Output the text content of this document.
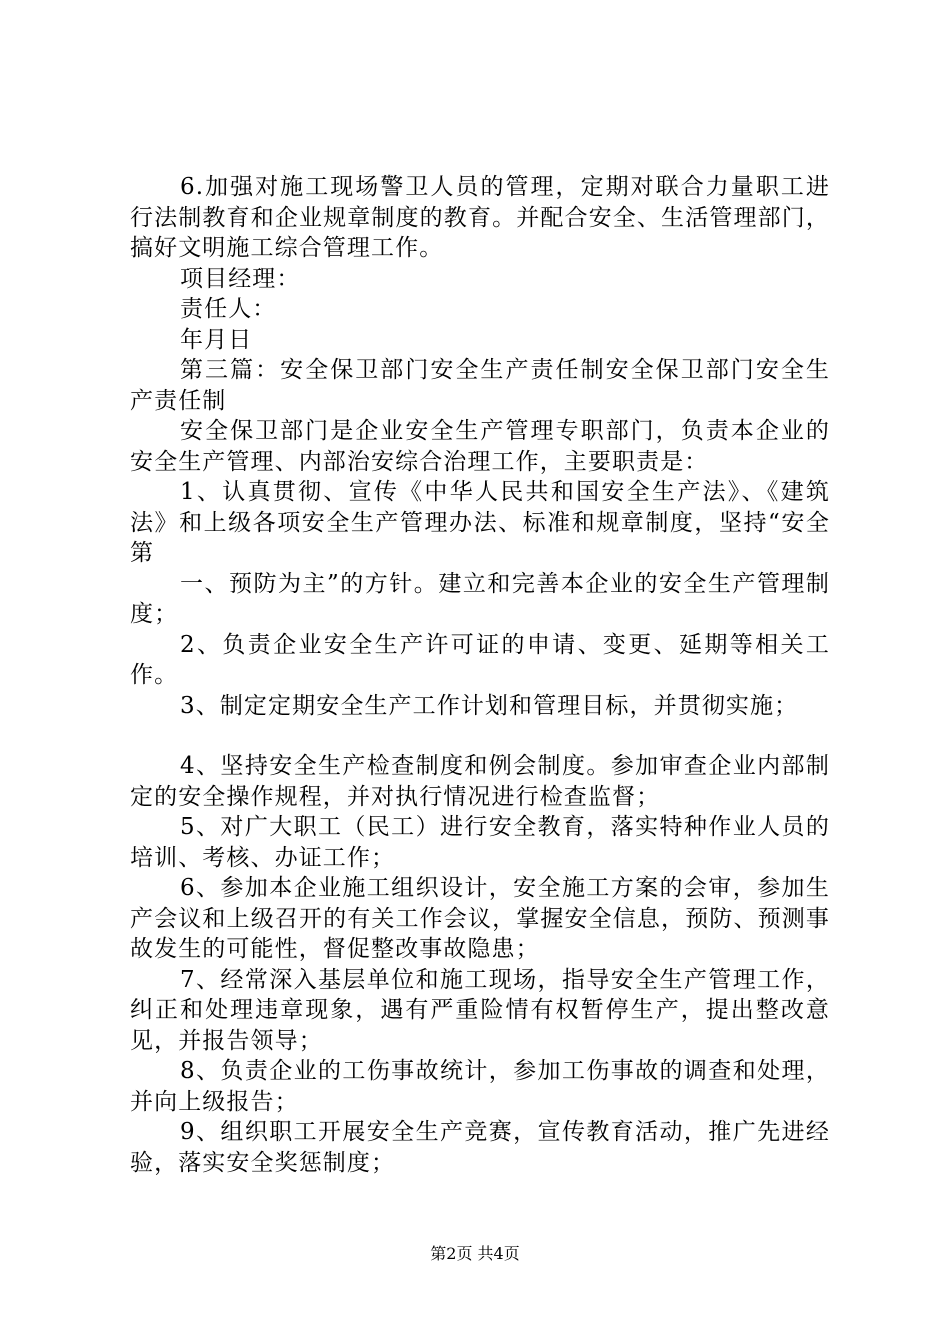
6.加强对施工现场警卫人员的管理，定期对联合力量职工进行法制教育和企业规章制度的教育。并配合安全、生活管理部门，搞好文明施工综合管理工作。

项目经理：

责任人：

年月日

第三篇：安全保卫部门安全生产责任制安全保卫部门安全生产责任制

安全保卫部门是企业安全生产管理专职部门，负责本企业的安全生产管理、内部治安综合治理工作，主要职责是：

1、认真贯彻、宣传《中华人民共和国安全生产法》、《建筑法》和上级各项安全生产管理办法、标准和规章制度，坚持“安全第

一、预防为主”的方针。建立和完善本企业的安全生产管理制度；

2、负责企业安全生产许可证的申请、变更、延期等相关工作。

3、制定定期安全生产工作计划和管理目标，并贯彻实施；

4、坚持安全生产检查制度和例会制度。参加审查企业内部制定的安全操作规程，并对执行情况进行检查监督；

5、对广大职工（民工）进行安全教育，落实特种作业人员的培训、考核、办证工作；

6、参加本企业施工组织设计，安全施工方案的会审，参加生产会议和上级召开的有关工作会议，掌握安全信息，预防、预测事故发生的可能性，督促整改事故隐患；

7、经常深入基层单位和施工现场，指导安全生产管理工作，纠正和处理违章现象，遇有严重险情有权暂停生产，提出整改意见，并报告领导；

8、负责企业的工伤事故统计，参加工伤事故的调查和处理，并向上级报告；

9、组织职工开展安全生产竞赛，宣传教育活动，推广先进经验，落实安全奖惩制度；

第2页 共4页
